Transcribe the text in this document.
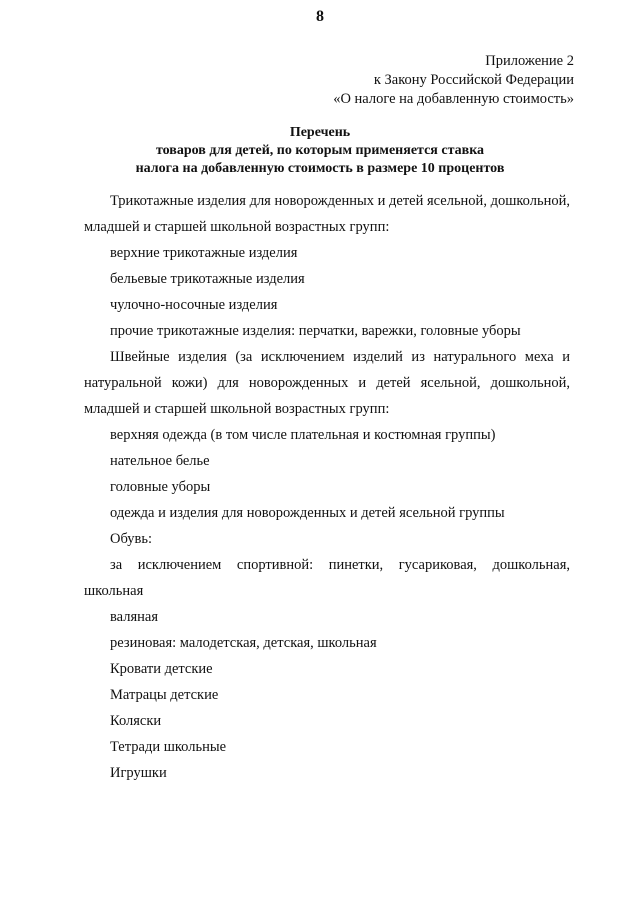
8
Приложение 2
к Закону Российской Федерации
«О налоге на добавленную стоимость»
Перечень
товаров для детей, по которым применяется ставка
налога на добавленную стоимость в размере 10 процентов

Трикотажные изделия для новорожденных и детей ясельной, дошкольной, младшей и старшей школьной возрастных групп:

верхние трикотажные изделия
бельевые трикотажные изделия
чулочно-носочные изделия
прочие трикотажные изделия: перчатки, варежки, головные уборы

Швейные изделия (за исключением изделий из натурального меха и натуральной кожи) для новорожденных и детей ясельной, дошкольной, младшей и старшей школьной возрастных групп:

верхняя одежда (в том числе плательная и костюмная группы)
нательное белье
головные уборы
одежда и изделия для новорожденных и детей ясельной группы
Обувь:

за исключением спортивной: пинетки, гусариковая, дошкольная, школьная

валяная
резиновая: малодетская, детская, школьная
Кровати детские
Матрацы детские
Коляски
Тетради школьные
Игрушки
